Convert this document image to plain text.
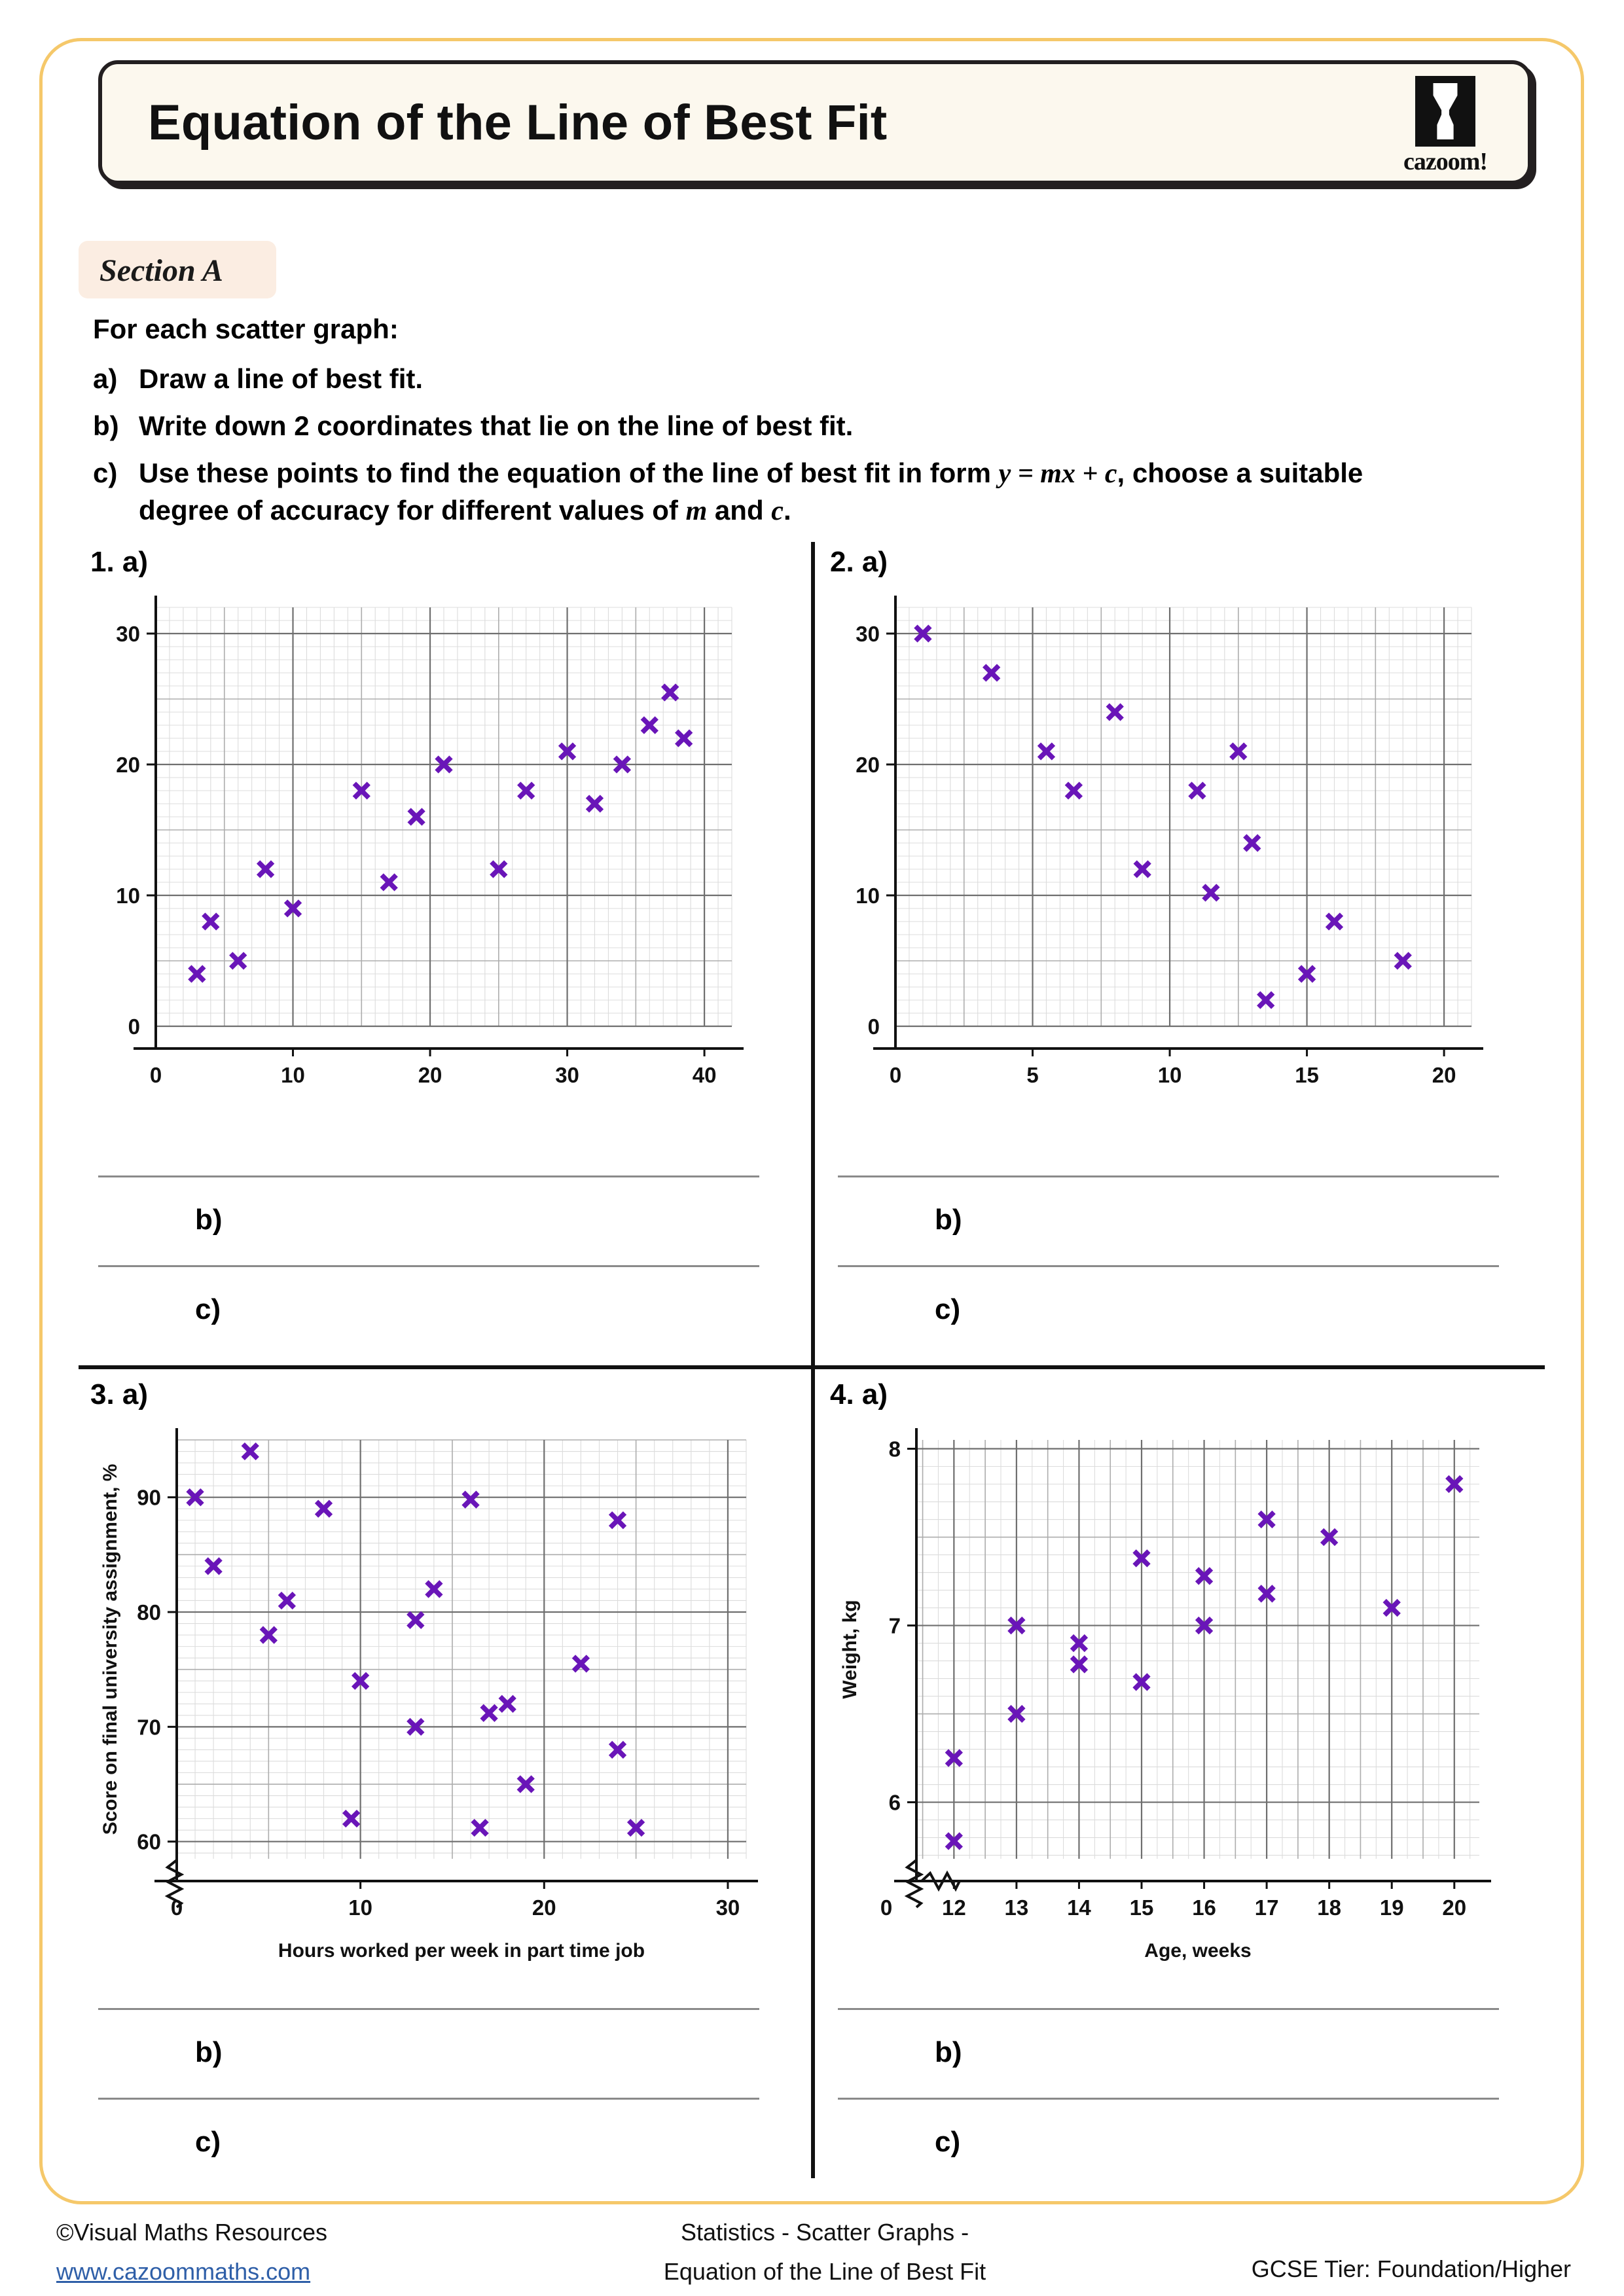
Equation of the Line of Best Fit
cazoom!
Section A
For each scatter graph:
a) Draw a line of best fit.
b) Write down 2 coordinates that lie on the line of best fit.
c) Use these points to find the equation of the line of best fit in form y = mx + c, choose a suitable
degree of accuracy for different values of m and c.
1. a)
0	10	20	30	40
10
20
30
0
b)
c)
2. a)
0	5	10	15	20
10
20
30
0
b)
c)
3. a)
0	10	20	30
60
70
80
90
Hours worked per week in part time job
Score on final university assignment, %
b)
c)
4. a)
12 13 14 15 16 17 18 19 20
0
6
7
8
Age, weeks
Weight, kg
b)
c)
©Visual Maths Resources
www.cazoommaths.com
Statistics - Scatter Graphs -
Equation of the Line of Best Fit	GCSE Tier: Foundation/Higher
